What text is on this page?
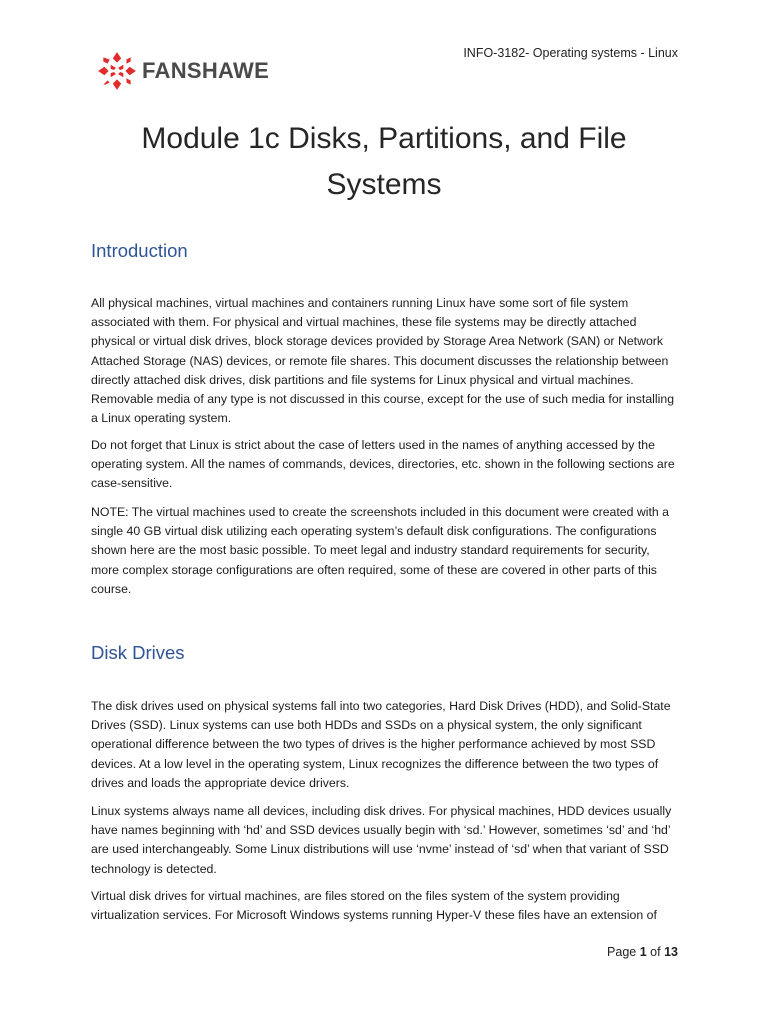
FANSHAWE
INFO-3182- Operating systems - Linux
Module 1c Disks, Partitions, and File Systems
Introduction

All physical machines, virtual machines and containers running Linux have some sort of file system associated with them. For physical and virtual machines, these file systems may be directly attached physical or virtual disk drives, block storage devices provided by Storage Area Network (SAN) or Network Attached Storage (NAS) devices, or remote file shares. This document discusses the relationship between directly attached disk drives, disk partitions and file systems for Linux physical and virtual machines. Removable media of any type is not discussed in this course, except for the use of such media for installing a Linux operating system.

Do not forget that Linux is strict about the case of letters used in the names of anything accessed by the operating system. All the names of commands, devices, directories, etc. shown in the following sections are case-sensitive.

NOTE: The virtual machines used to create the screenshots included in this document were created with a single 40 GB virtual disk utilizing each operating system’s default disk configurations. The configurations shown here are the most basic possible. To meet legal and industry standard requirements for security, more complex storage configurations are often required, some of these are covered in other parts of this course.

Disk Drives

The disk drives used on physical systems fall into two categories, Hard Disk Drives (HDD), and Solid-State Drives (SSD). Linux systems can use both HDDs and SSDs on a physical system, the only significant operational difference between the two types of drives is the higher performance achieved by most SSD devices. At a low level in the operating system, Linux recognizes the difference between the two types of drives and loads the appropriate device drivers.

Linux systems always name all devices, including disk drives. For physical machines, HDD devices usually have names beginning with ‘hd’ and SSD devices usually begin with ‘sd.’ However, sometimes ‘sd’ and ‘hd’ are used interchangeably. Some Linux distributions will use ‘nvme’ instead of ‘sd’ when that variant of SSD technology is detected.

Virtual disk drives for virtual machines, are files stored on the files system of the system providing virtualization services. For Microsoft Windows systems running Hyper-V these files have an extension of

Page 1 of 13
